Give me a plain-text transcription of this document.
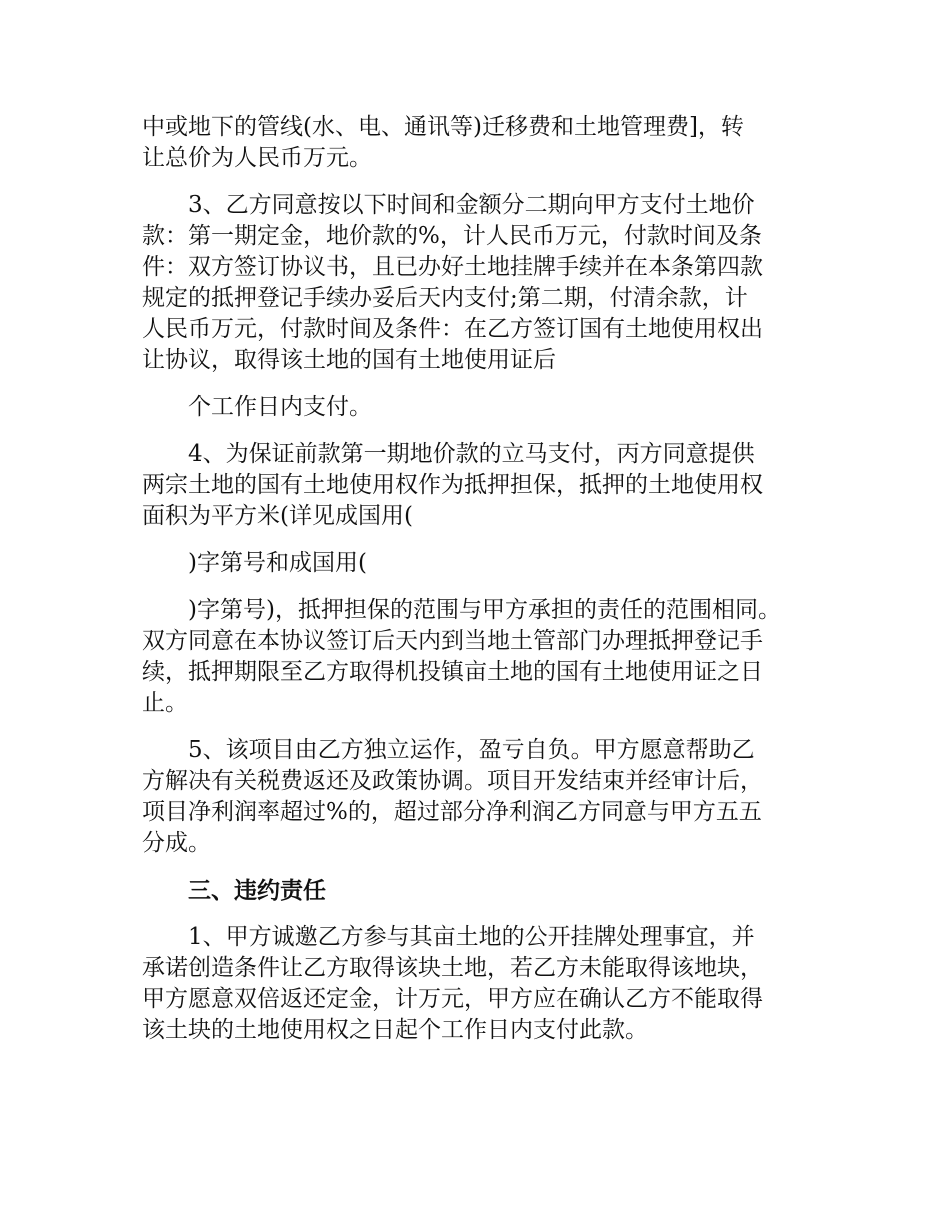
中或地下的管线(水、电、通讯等)迁移费和土地管理费]，转
让总价为人民币万元。
3、乙方同意按以下时间和金额分二期向甲方支付土地价
款：第一期定金，地价款的%，计人民币万元，付款时间及条
件：双方签订协议书，且已办好土地挂牌手续并在本条第四款
规定的抵押登记手续办妥后天内支付;第二期，付清余款，计
人民币万元，付款时间及条件：在乙方签订国有土地使用权出
让协议，取得该土地的国有土地使用证后
个工作日内支付。
4、为保证前款第一期地价款的立马支付，丙方同意提供
两宗土地的国有土地使用权作为抵押担保，抵押的土地使用权
面积为平方米(详见成国用(
)字第号和成国用(
)字第号)，抵押担保的范围与甲方承担的责任的范围相同。
双方同意在本协议签订后天内到当地土管部门办理抵押登记手
续，抵押期限至乙方取得机投镇亩土地的国有土地使用证之日
止。
5、该项目由乙方独立运作，盈亏自负。甲方愿意帮助乙
方解决有关税费返还及政策协调。项目开发结束并经审计后，
项目净利润率超过%的，超过部分净利润乙方同意与甲方五五
分成。
三、违约责任
1、甲方诚邀乙方参与其亩土地的公开挂牌处理事宜，并
承诺创造条件让乙方取得该块土地，若乙方未能取得该地块，
甲方愿意双倍返还定金，计万元，甲方应在确认乙方不能取得
该土块的土地使用权之日起个工作日内支付此款。
